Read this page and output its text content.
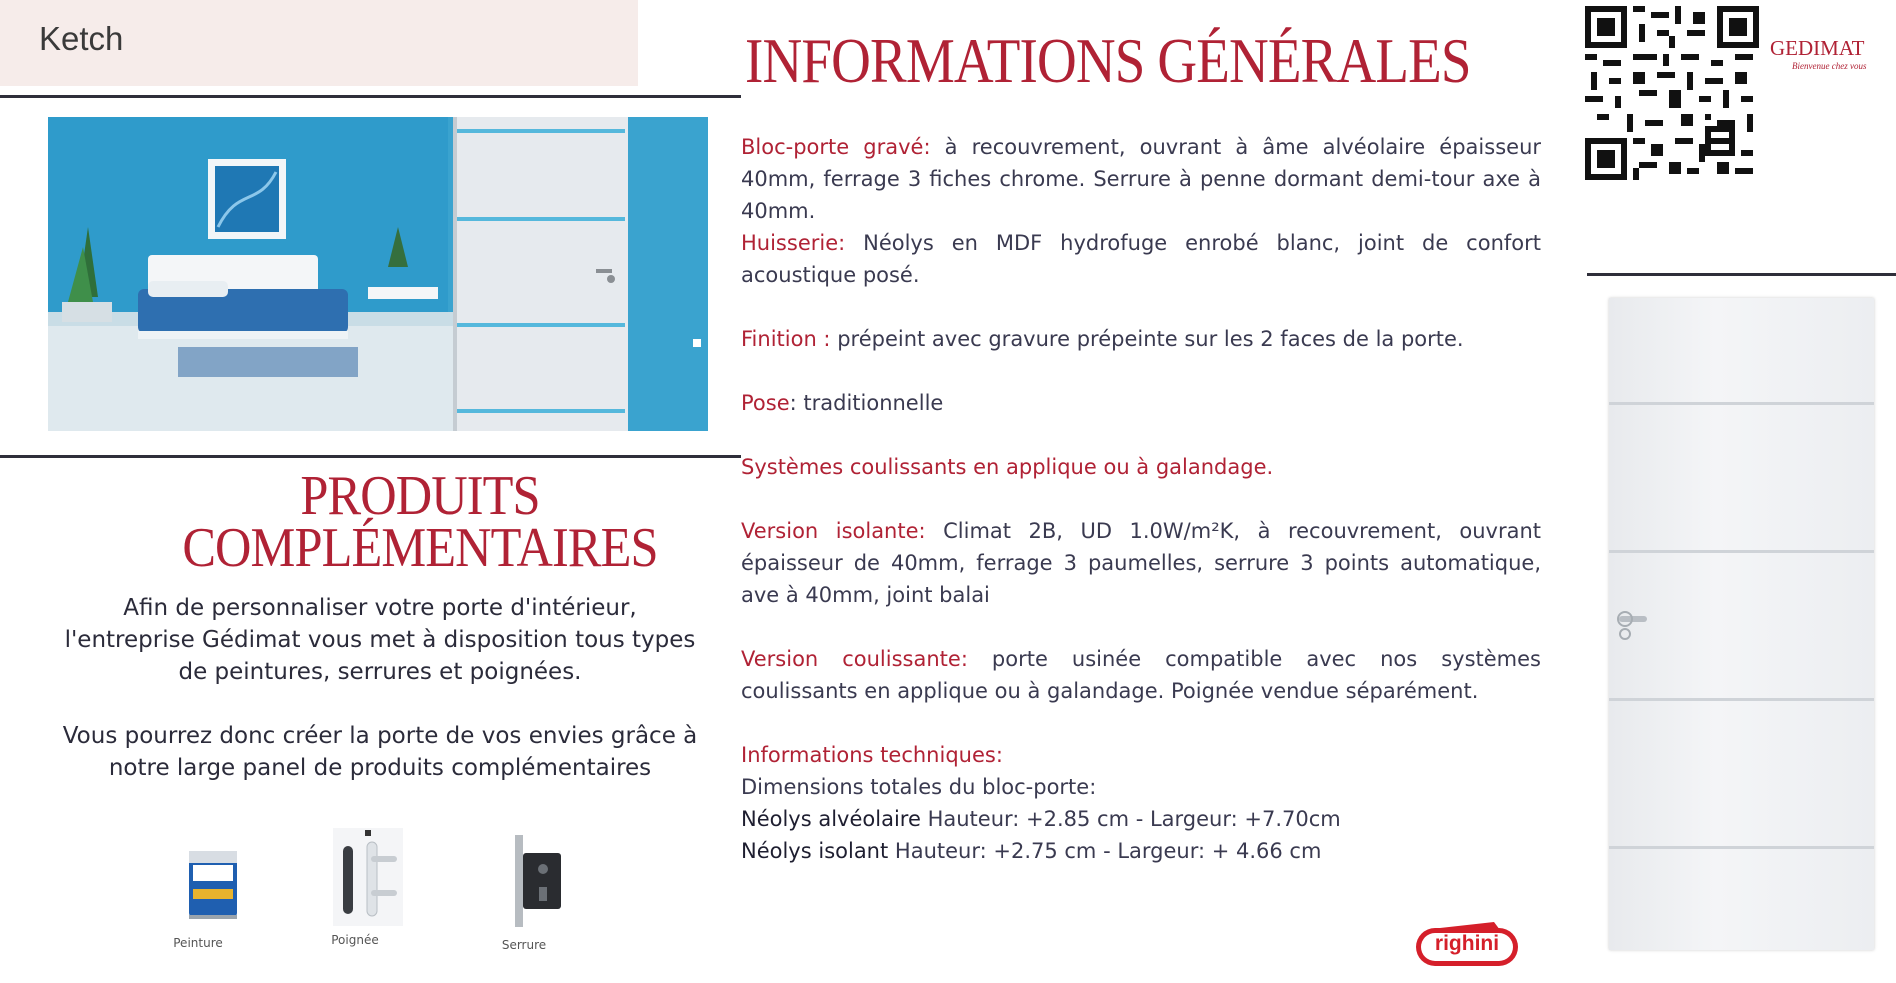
Ketch
PRODUITS
COMPLÉMENTAIRES
Afin de personnaliser votre porte d'intérieur, l'entreprise Gédimat vous met à disposition tous types de peintures, serrures et poignées.
Vous pourrez donc créer la porte de vos envies grâce à notre large panel de produits complémentaires
Peinture	Poignée	Serrure
INFORMATIONS GÉNÉRALES
Bloc-porte gravé: à recouvrement, ouvrant à âme alvéolaire épaisseur 40mm, ferrage 3 fiches chrome. Serrure à penne dormant demi-tour axe à 40mm.
Huisserie: Néolys en MDF hydrofuge enrobé blanc, joint de confort acoustique posé.
Finition : prépeint avec gravure prépeinte sur les 2 faces de la porte.
Pose: traditionnelle
Systèmes coulissants en applique ou à galandage.
Version isolante: Climat 2B, UD 1.0W/m²K, à recouvrement, ouvrant épaisseur de 40mm, ferrage 3 paumelles, serrure 3 points automatique, ave à 40mm, joint balai
Version coulissante: porte usinée compatible avec nos systèmes coulissants en applique ou à galandage. Poignée vendue séparément.
Informations techniques:
Dimensions totales du bloc-porte:
Néolys alvéolaire Hauteur: +2.85 cm - Largeur: +7.70cm
Néolys isolant Hauteur: +2.75 cm - Largeur: + 4.66 cm
GEDIMAT
Bienvenue chez vous
righini
